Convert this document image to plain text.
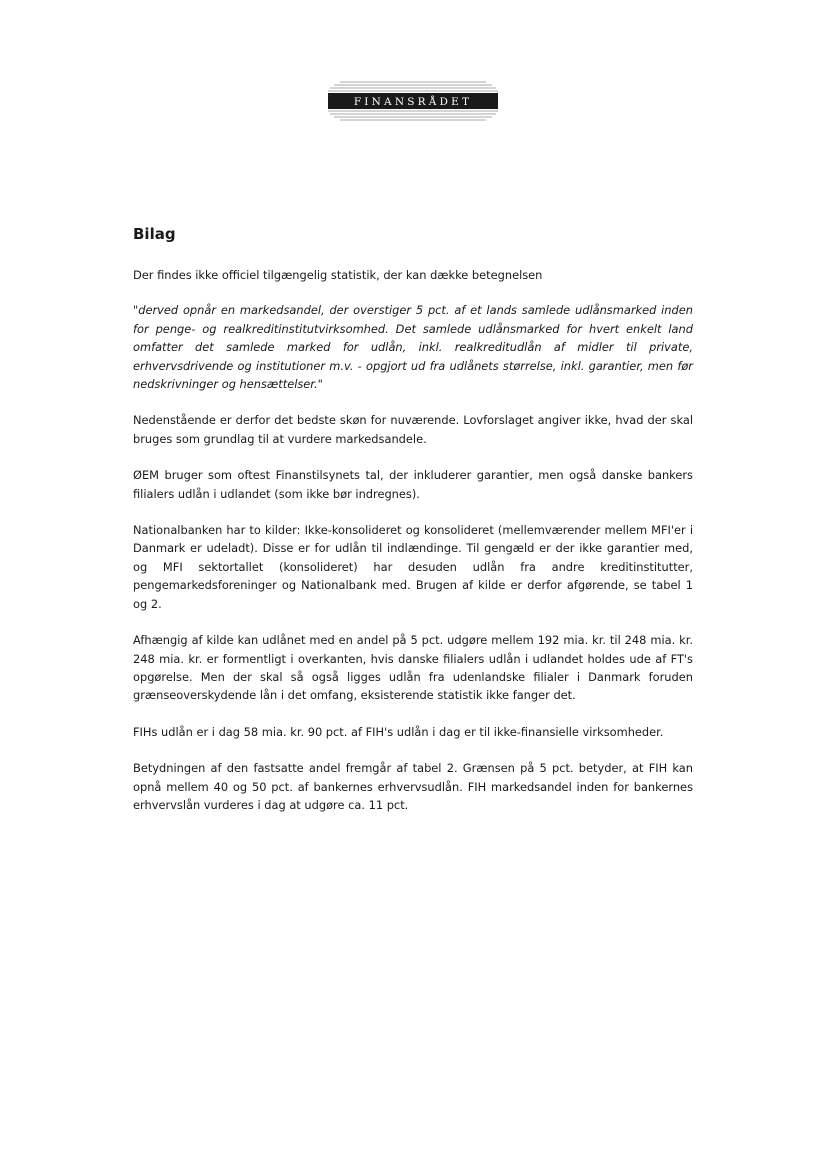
FINANSRÅDET
Bilag

Der findes ikke officiel tilgængelig statistik, der kan dække betegnelsen

"derved opnår en markedsandel, der overstiger 5 pct. af et lands samlede udlånsmarked inden for penge- og realkreditinstitutvirksomhed. Det samlede udlånsmarked for hvert enkelt land omfatter det samlede marked for udlån, inkl. realkreditudlån af midler til private, erhvervsdrivende og institutioner m.v. - opgjort ud fra udlånets størrelse, inkl. garantier, men før nedskrivninger og hensættelser."

Nedenstående er derfor det bedste skøn for nuværende. Lovforslaget angiver ikke, hvad der skal bruges som grundlag til at vurdere markedsandele.

ØEM bruger som oftest Finanstilsynets tal, der inkluderer garantier, men også danske bankers filialers udlån i udlandet (som ikke bør indregnes).

Nationalbanken har to kilder: Ikke-konsolideret og konsolideret (mellemværender mellem MFI'er i Danmark er udeladt). Disse er for udlån til indlændinge. Til gengæld er der ikke garantier med, og MFI sektortallet (konsolideret) har desuden udlån fra andre kreditinstitutter, pengemarkedsforeninger og Nationalbank med. Brugen af kilde er derfor afgørende, se tabel 1 og 2.

Afhængig af kilde kan udlånet med en andel på 5 pct. udgøre mellem 192 mia. kr. til 248 mia. kr. 248 mia. kr. er formentligt i overkanten, hvis danske filialers udlån i udlandet holdes ude af FT's opgørelse. Men der skal så også ligges udlån fra udenlandske filialer i Danmark foruden grænseoverskydende lån i det omfang, eksisterende statistik ikke fanger det.

FIHs udlån er i dag 58 mia. kr. 90 pct. af FIH's udlån i dag er til ikke-finansielle virksomheder.

Betydningen af den fastsatte andel fremgår af tabel 2. Grænsen på 5 pct. betyder, at FIH kan opnå mellem 40 og 50 pct. af bankernes erhvervsudlån. FIH markedsandel inden for bankernes erhvervslån vurderes i dag at udgøre ca. 11 pct.
